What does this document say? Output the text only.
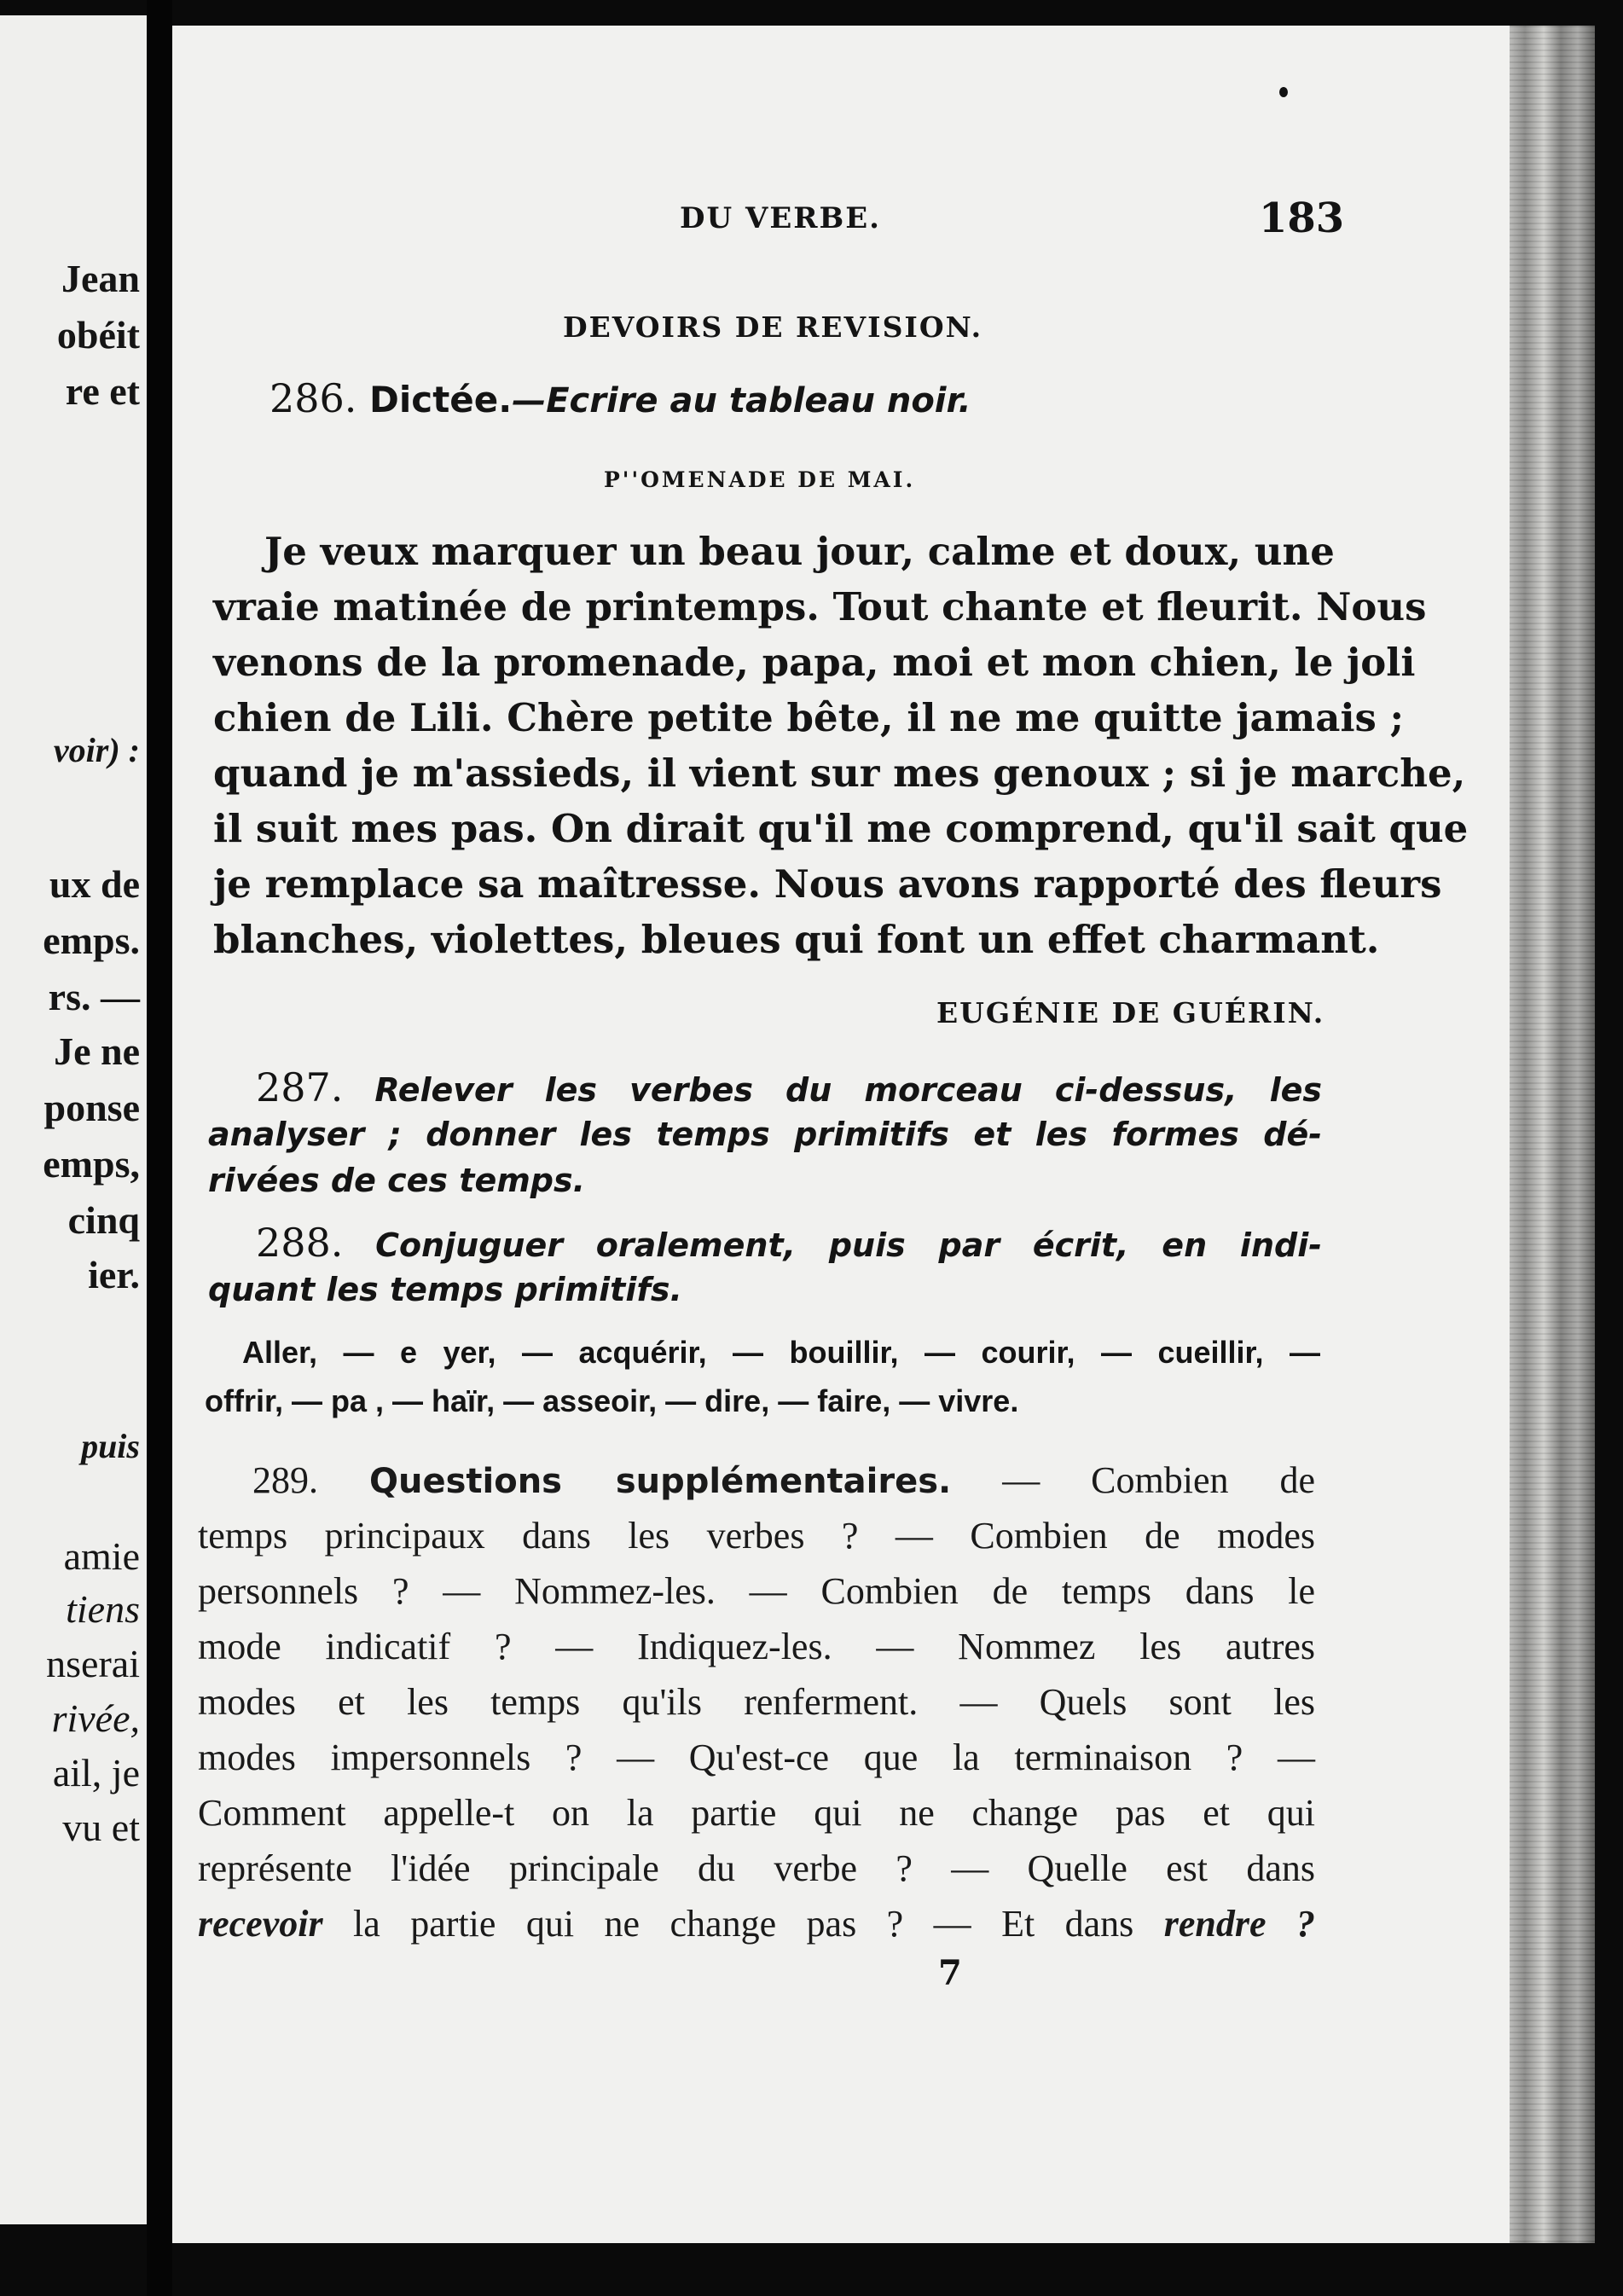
Jean
obéit
re et
voir) :
ux de
emps.
rs. —
Je ne
ponse
emps,
cinq
ier.
puis
amie
tiens
nserai
rivée,
ail, je
vu et
DU VERBE.	183
DEVOIRS DE REVISION.
286. Dictée.—Ecrire au tableau noir.
P''OMENADE DE MAI.
Je veux marquer un beau jour, calme et doux, une
vraie matinée de printemps. Tout chante et fleurit. Nous
venons de la promenade, papa, moi et mon chien, le joli
chien de Lili. Chère petite bête, il ne me quitte jamais ;
quand je m'assieds, il vient sur mes genoux ; si je marche,
il suit mes pas. On dirait qu'il me comprend, qu'il sait que
je remplace sa maîtresse. Nous avons rapporté des fleurs
blanches, violettes, bleues qui font un effet charmant.
EUGÉNIE DE GUÉRIN.
287. Relever les verbes du morceau ci-dessus, les
analyser ; donner les temps primitifs et les formes dé-
rivées de ces temps.
288. Conjuguer oralement, puis par écrit, en indi-
quant les temps primitifs.
Aller, — e yer, — acquérir, — bouillir, — courir, — cueillir, —
offrir, — pa , — haïr, — asseoir, — dire, — faire, — vivre.
289. Questions supplémentaires. — Combien de
temps principaux dans les verbes ? — Combien de modes
personnels ? — Nommez-les. — Combien de temps dans le
mode indicatif ? — Indiquez-les. — Nommez les autres
modes et les temps qu'ils renferment. — Quels sont les
modes impersonnels ? — Qu'est-ce que la terminaison ? —
Comment appelle-t on la partie qui ne change pas et qui
représente l'idée principale du verbe ? — Quelle est dans
recevoir la partie qui ne change pas ? — Et dans rendre ?
7
